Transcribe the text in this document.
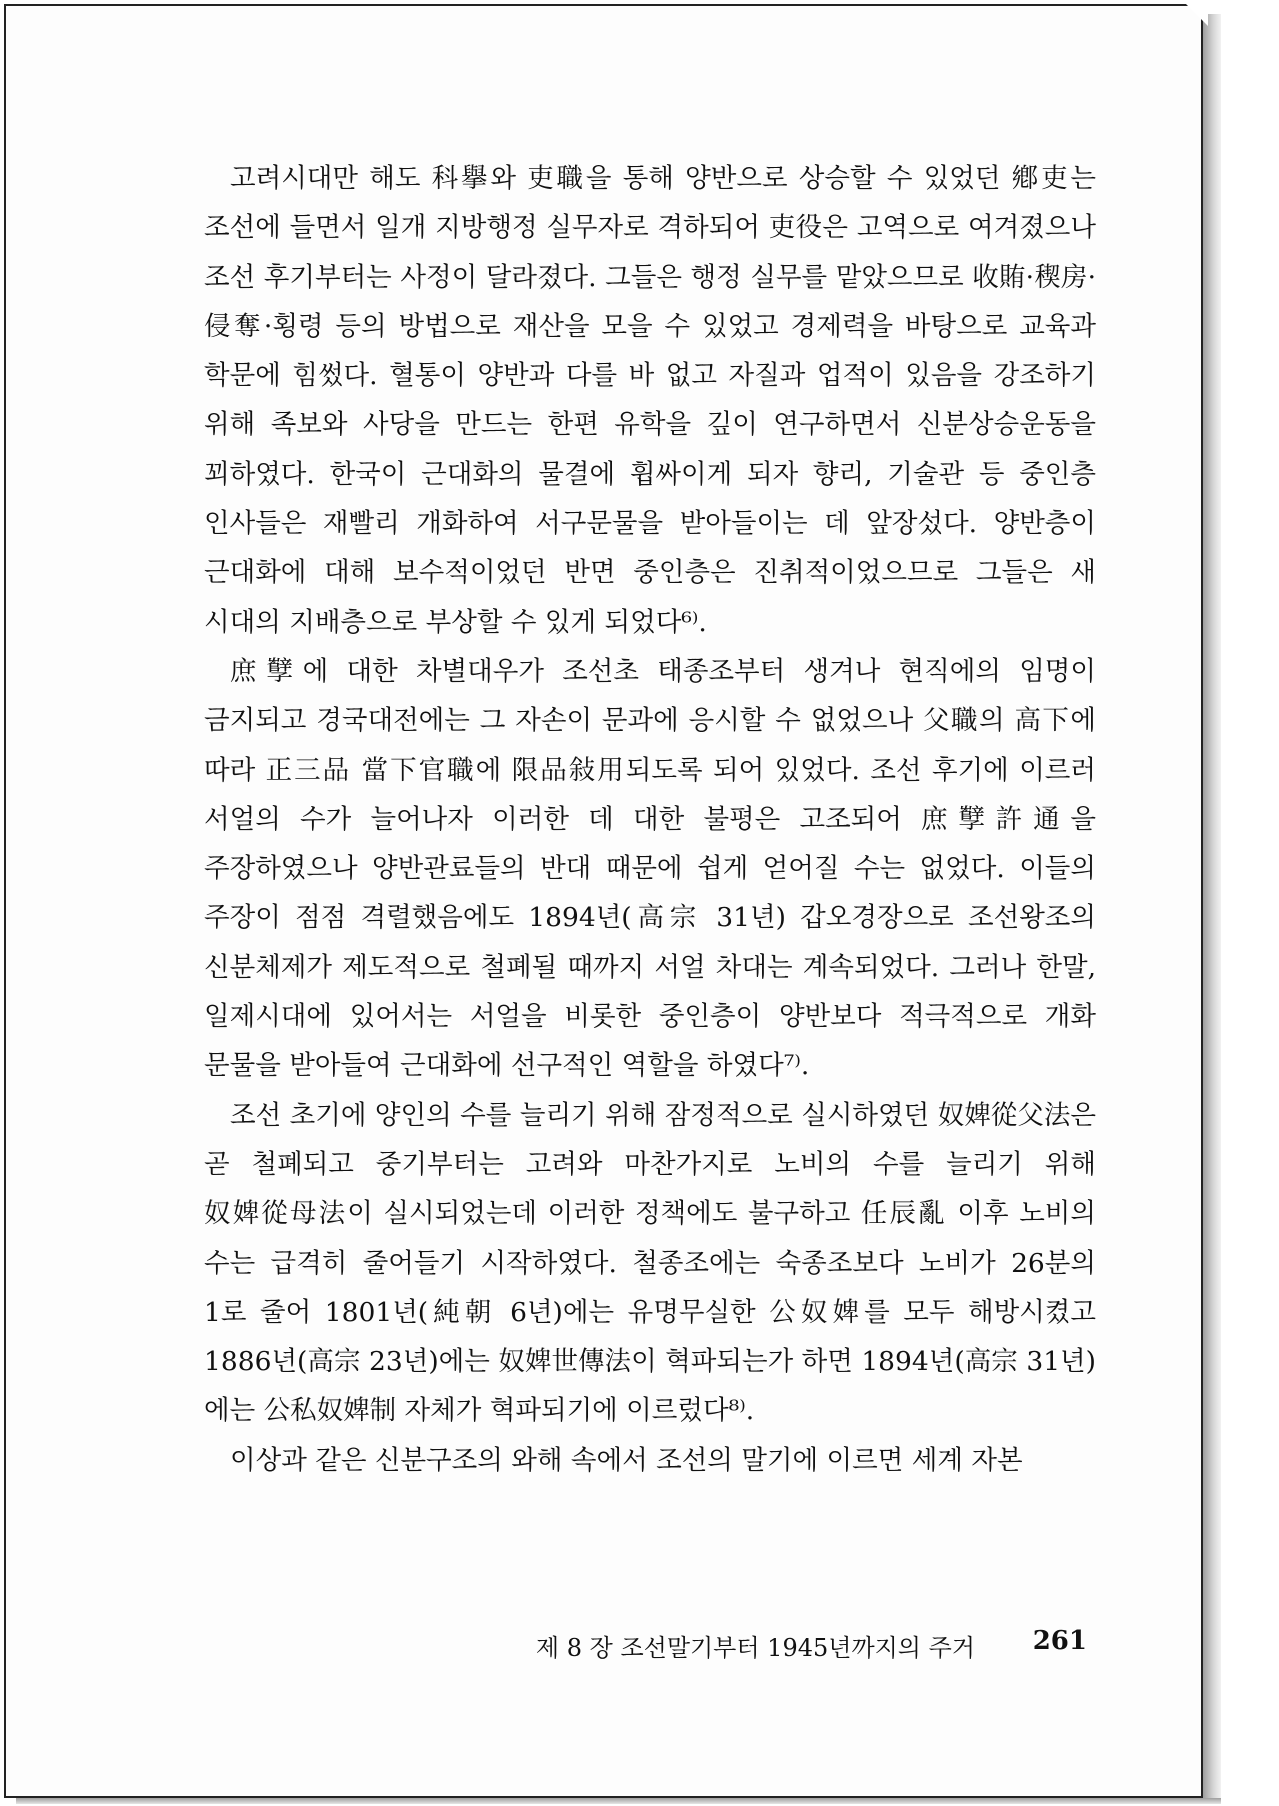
고려시대만 해도 科擧와 吏職을 통해 양반으로 상승할 수 있었던 鄕吏는 조선에 들면서 일개 지방행정 실무자로 격하되어 吏役은 고역으로 여겨졌으나 조선 후기부터는 사정이 달라졌다. 그들은 행정 실무를 맡았으므로 收賄·稧房·侵奪·횡령 등의 방법으로 재산을 모을 수 있었고 경제력을 바탕으로 교육과 학문에 힘썼다. 혈통이 양반과 다를 바 없고 자질과 업적이 있음을 강조하기 위해 족보와 사당을 만드는 한편 유학을 깊이 연구하면서 신분상승운동을 꾀하였다. 한국이 근대화의 물결에 휩싸이게 되자 향리, 기술관 등 중인층 인사들은 재빨리 개화하여 서구문물을 받아들이는 데 앞장섰다. 양반층이 근대화에 대해 보수적이었던 반면 중인층은 진취적이었으므로 그들은 새 시대의 지배층으로 부상할 수 있게 되었다⁶⁾.

庶孼에 대한 차별대우가 조선초 태종조부터 생겨나 현직에의 임명이 금지되고 경국대전에는 그 자손이 문과에 응시할 수 없었으나 父職의 高下에 따라 正三品 當下官職에 限品敍用되도록 되어 있었다. 조선 후기에 이르러 서얼의 수가 늘어나자 이러한 데 대한 불평은 고조되어 庶孼許通을 주장하였으나 양반관료들의 반대 때문에 쉽게 얻어질 수는 없었다. 이들의 주장이 점점 격렬했음에도 1894년(高宗 31년) 갑오경장으로 조선왕조의 신분체제가 제도적으로 철폐될 때까지 서얼 차대는 계속되었다. 그러나 한말, 일제시대에 있어서는 서얼을 비롯한 중인층이 양반보다 적극적으로 개화 문물을 받아들여 근대화에 선구적인 역할을 하였다⁷⁾.

조선 초기에 양인의 수를 늘리기 위해 잠정적으로 실시하였던 奴婢從父法은 곧 철폐되고 중기부터는 고려와 마찬가지로 노비의 수를 늘리기 위해 奴婢從母法이 실시되었는데 이러한 정책에도 불구하고 任辰亂 이후 노비의 수는 급격히 줄어들기 시작하였다. 철종조에는 숙종조보다 노비가 26분의 1로 줄어 1801년(純朝 6년)에는 유명무실한 公奴婢를 모두 해방시켰고 1886년(高宗 23년)에는 奴婢世傳法이 혁파되는가 하면 1894년(高宗 31년)에는 公私奴婢制 자체가 혁파되기에 이르렀다⁸⁾.

이상과 같은 신분구조의 와해 속에서 조선의 말기에 이르면 세계 자본

제 8 장 조선말기부터 1945년까지의 주거 261
